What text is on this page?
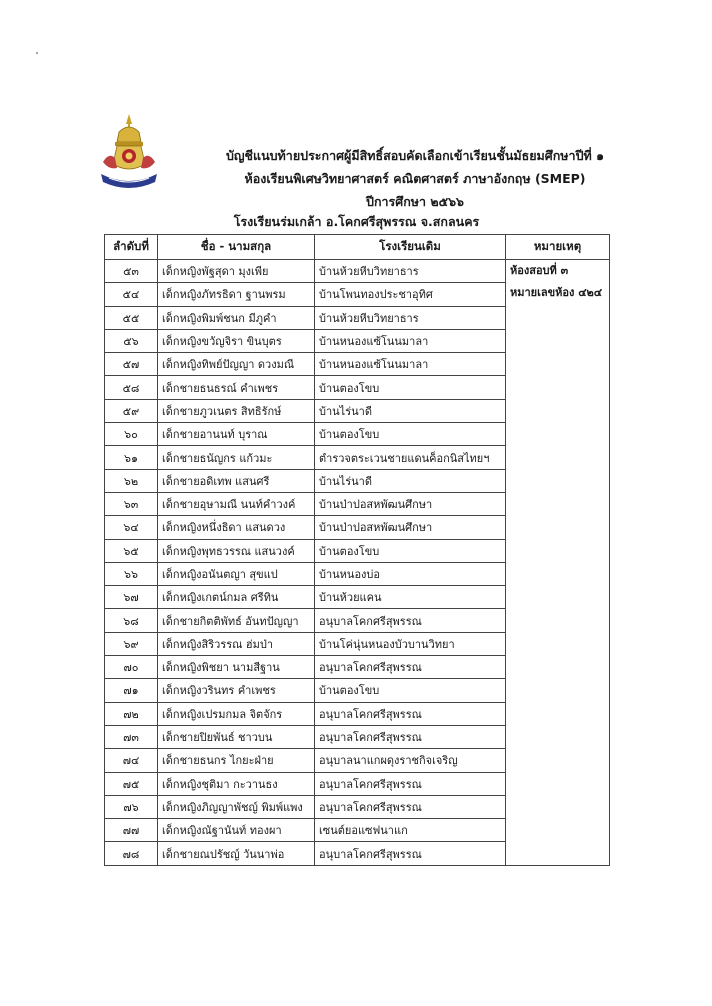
บัญชีแนบท้ายประกาศผู้มีสิทธิ์สอบคัดเลือกเข้าเรียนชั้นมัธยมศึกษาปีที่ ๑
ห้องเรียนพิเศษวิทยาศาสตร์ คณิตศาสตร์ ภาษาอังกฤษ (SMEP)
ปีการศึกษา ๒๕๖๖
โรงเรียนร่มเกล้า อ.โคกศรีสุพรรณ จ.สกลนคร
ลำดับที่	ชื่อ - นามสกุล	โรงเรียนเดิม	หมายเหตุ
๕๓	เด็กหญิงพัฐสุดา มุงเพีย	บ้านห้วยหีบวิทยาธาร	ห้องสอบที่ ๓
หมายเลขห้อง ๔๒๔

๕๔	เด็กหญิงภัทรธิดา ฐานพรม	บ้านโพนทองประชาอุทิศ	
๕๕	เด็กหญิงพิมพ์ชนก มีภูคำ	บ้านห้วยหีบวิทยาธาร	
๕๖	เด็กหญิงขวัญจิรา ขินบุตร	บ้านหนองแซ้โนนมาลา	
๕๗	เด็กหญิงทิพย์ปัญญา ดวงมณี	บ้านหนองแซ้โนนมาลา	
๕๘	เด็กชายธนธรณ์ คำเพชร	บ้านตองโขบ	
๕๙	เด็กชายภูวเนตร สิทธิรักษ์	บ้านไร่นาดี	
๖๐	เด็กชายอานนท์ บุราณ	บ้านตองโขบ	
๖๑	เด็กชายธนัญกร แก้วมะ	ตำรวจตระเวนชายแดนค็อกนิสไทยฯ	
๖๒	เด็กชายอดิเทพ แสนศรี	บ้านไร่นาดี	
๖๓	เด็กชายอุษามณี นนท์คำวงค์	บ้านป่าปอสหพัฒนศึกษา	
๖๔	เด็กหญิงหนึ่งธิดา แสนดวง	บ้านป่าปอสหพัฒนศึกษา	
๖๕	เด็กหญิงพุทธวรรณ แสนวงค์	บ้านตองโขบ	
๖๖	เด็กหญิงอนันตญา สุขแป	บ้านหนองบ่อ	
๖๗	เด็กหญิงเกตน์กมล ศรีทิน	บ้านห้วยแคน	
๖๘	เด็กชายกิตติพัทธ์ อันทปัญญา	อนุบาลโคกศรีสุพรรณ	
๖๙	เด็กหญิงสิริวรรณ ฮ่มป่า	บ้านโค่นุ่นหนองบัวบานวิทยา	
๗๐	เด็กหญิงพิชยา นามสีฐาน	อนุบาลโคกศรีสุพรรณ	
๗๑	เด็กหญิงวรินทร คำเพชร	บ้านตองโขบ	
๗๒	เด็กหญิงเปรมกมล จิตจักร	อนุบาลโคกศรีสุพรรณ	
๗๓	เด็กชายปิยพันธ์ ชาวบน	อนุบาลโคกศรีสุพรรณ	
๗๔	เด็กชายธนกร ไกยะฝ่าย	อนุบาลนาแกผดุงราชกิจเจริญ	
๗๕	เด็กหญิงชุติมา กะวานธง	อนุบาลโคกศรีสุพรรณ	
๗๖	เด็กหญิงภิญญาพัชญ์ พิมพ์แพง	อนุบาลโคกศรีสุพรรณ	
๗๗	เด็กหญิงณัฐานันท์ ทองผา	เซนต์ยอแซฟนาแก	
๗๘	เด็กชายณปรัชญ์ วันนาพ่อ	อนุบาลโคกศรีสุพรรณ	
